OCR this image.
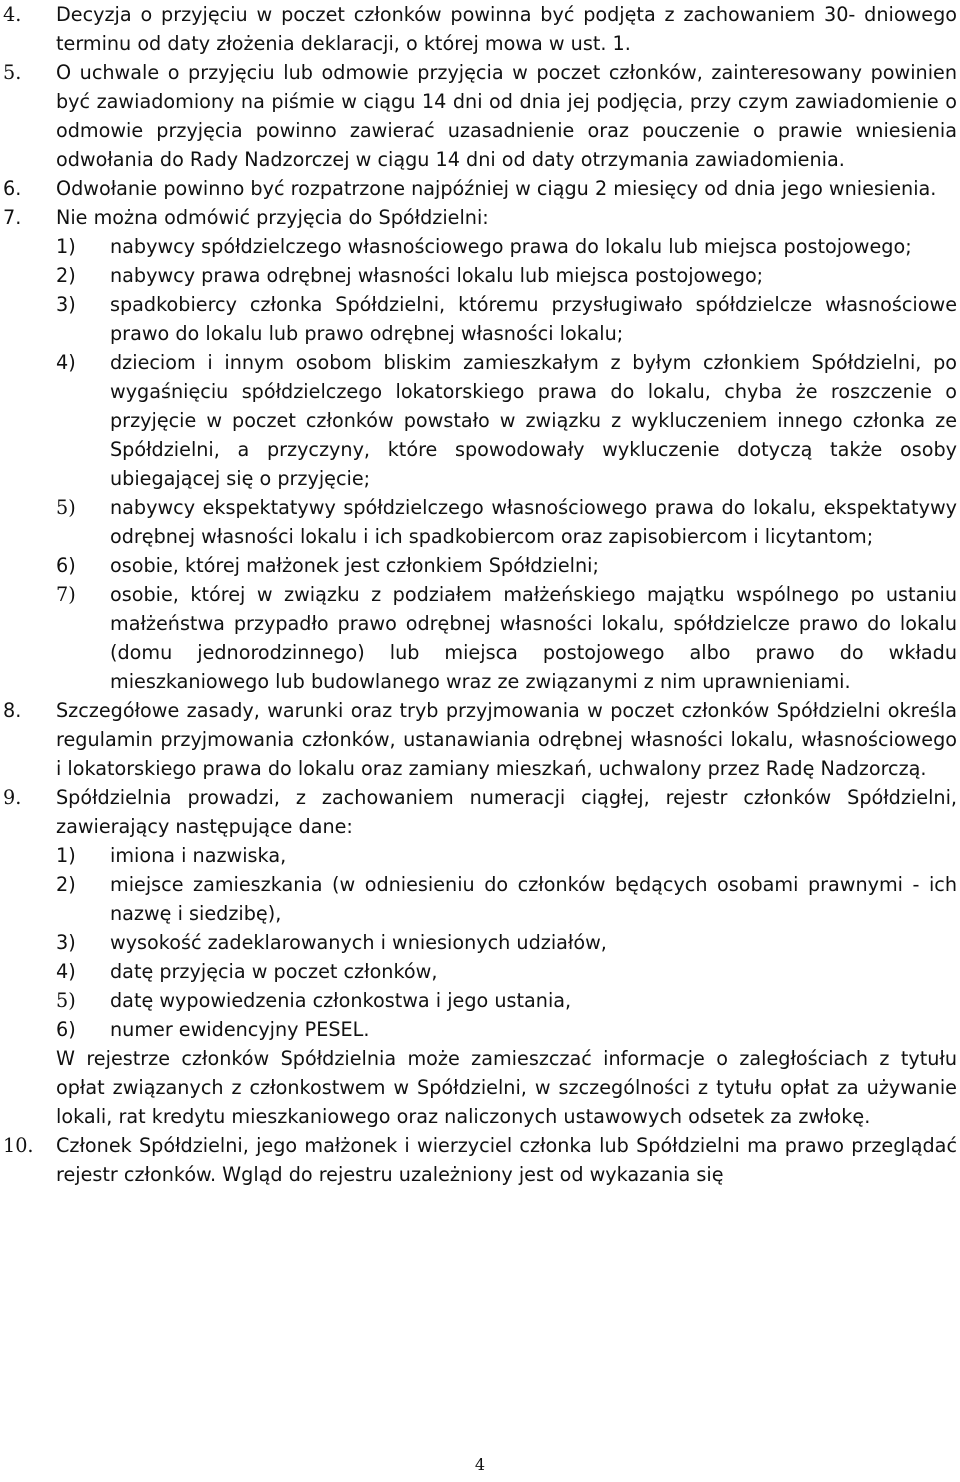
4. Decyzja o przyjęciu w poczet członków powinna być podjęta z zachowaniem 30- dniowego terminu od daty złożenia deklaracji, o której mowa w ust. 1.
5. O uchwale o przyjęciu lub odmowie przyjęcia w poczet członków, zainteresowany powinien być zawiadomiony na piśmie w ciągu 14 dni od dnia jej podjęcia, przy czym zawiadomienie o odmowie przyjęcia powinno zawierać uzasadnienie oraz pouczenie o prawie wniesienia odwołania do Rady Nadzorczej w ciągu 14 dni od daty otrzymania zawiadomienia.
6. Odwołanie powinno być rozpatrzone najpóźniej w ciągu 2 miesięcy od dnia jego wniesienia.
7. Nie można odmówić przyjęcia do Spółdzielni:
1) nabywcy spółdzielczego własnościowego prawa do lokalu lub miejsca postojowego;
2) nabywcy prawa odrębnej własności lokalu lub miejsca postojowego;
3) spadkobiercy członka Spółdzielni, któremu przysługiwało spółdzielcze własnościowe prawo do lokalu lub prawo odrębnej własności lokalu;
4) dzieciom i innym osobom bliskim zamieszkałym z byłym członkiem Spółdzielni, po wygaśnięciu spółdzielczego lokatorskiego prawa do lokalu, chyba że roszczenie o przyjęcie w poczet członków powstało w związku z wykluczeniem innego członka ze Spółdzielni, a przyczyny, które spowodowały wykluczenie dotyczą także osoby ubiegającej się o przyjęcie;
5) nabywcy ekspektatywy spółdzielczego własnościowego prawa do lokalu, ekspektatywy odrębnej własności lokalu i ich spadkobiercom oraz zapisobiercom i licytantom;
6) osobie, której małżonek jest członkiem Spółdzielni;
7) osobie, której w związku z podziałem małżeńskiego majątku wspólnego po ustaniu małżeństwa przypadło prawo odrębnej własności lokalu, spółdzielcze prawo do lokalu (domu jednorodzinnego) lub miejsca postojowego albo prawo do wkładu mieszkaniowego lub budowlanego wraz ze związanymi z nim uprawnieniami.
8. Szczegółowe zasady, warunki oraz tryb przyjmowania w poczet członków Spółdzielni określa regulamin przyjmowania członków, ustanawiania odrębnej własności lokalu, własnościowego i lokatorskiego prawa do lokalu oraz zamiany mieszkań, uchwalony przez Radę Nadzorczą.
9. Spółdzielnia prowadzi, z zachowaniem numeracji ciągłej, rejestr członków Spółdzielni, zawierający następujące dane:
1) imiona i nazwiska,
2) miejsce zamieszkania (w odniesieniu do członków będących osobami prawnymi - ich nazwę i siedzibę),
3) wysokość zadeklarowanych i wniesionych udziałów,
4) datę przyjęcia w poczet członków,
5) datę wypowiedzenia członkostwa i jego ustania,
6) numer ewidencyjny PESEL.

W rejestrze członków Spółdzielnia może zamieszczać informacje o zaległościach z tytułu opłat związanych z członkostwem w Spółdzielni, w szczególności z tytułu opłat za używanie lokali, rat kredytu mieszkaniowego oraz naliczonych ustawowych odsetek za zwłokę.

10. Członek Spółdzielni, jego małżonek i wierzyciel członka lub Spółdzielni ma prawo przeglądać rejestr członków. Wgląd do rejestru uzależniony jest od wykazania się
4
